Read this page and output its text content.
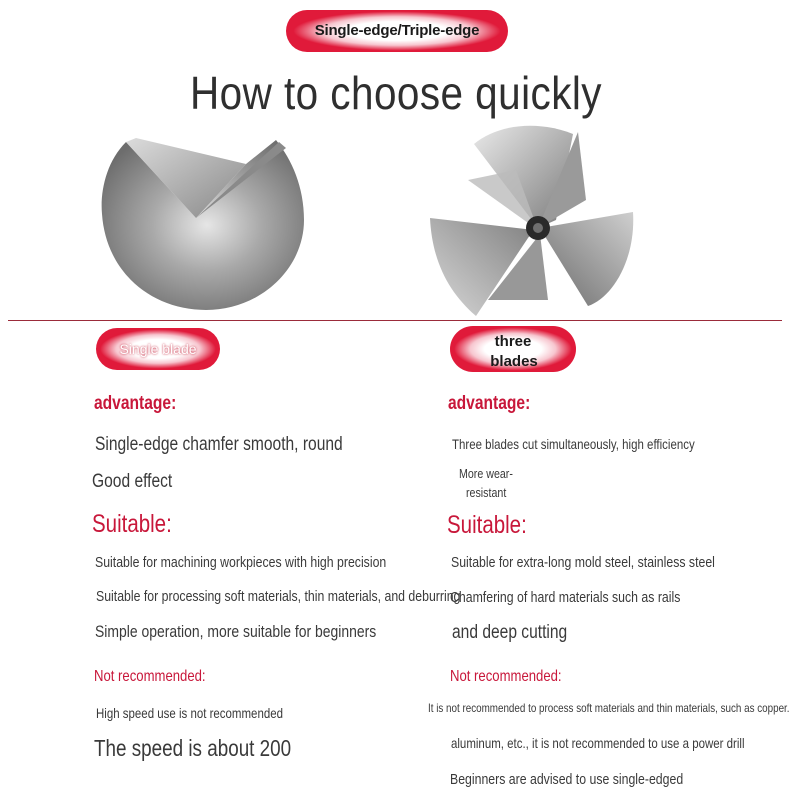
Single-edge/Triple-edge
How to choose quickly
Single blade
advantage:
Single-edge chamfer smooth, round
Good effect
Suitable:
Suitable for machining workpieces with high precision
Suitable for processing soft materials, thin materials, and deburring
Simple operation, more suitable for beginners
Not recommended:
High speed use is not recommended
The speed is about 200
three
blades
advantage:
Three blades cut simultaneously, high efficiency
More wear-
resistant
Suitable:
Suitable for extra-long mold steel, stainless steel
Chamfering of hard materials such as rails
and deep cutting
Not recommended:
It is not recommended to process soft materials and thin materials, such as copper.
aluminum, etc., it is not recommended to use a power drill
Beginners are advised to use single-edged
